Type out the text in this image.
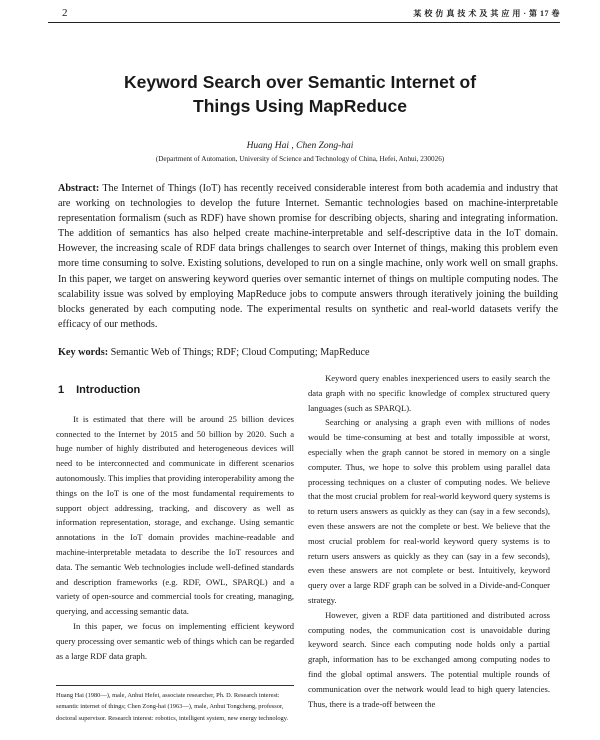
2	某 校 仿 真 技 术 及 其 应 用 · 第 17 卷
Keyword Search over Semantic Internet of
Things Using MapReduce
Huang Hai , Chen Zong-hai
(Department of Automation, University of Science and Technology of China, Hefei, Anhui, 230026)
Abstract: The Internet of Things (IoT) has recently received considerable interest from both academia and industry that are working on technologies to develop the future Internet. Semantic technologies based on machine-interpretable representation formalism (such as RDF) have shown promise for describing objects, sharing and integrating information. The addition of semantics has also helped create machine-interpretable and self-descriptive data in the IoT domain. However, the increasing scale of RDF data brings challenges to search over Internet of things, making this problem even more time consuming to solve. Existing solutions, developed to run on a single machine, only work well on small graphs. In this paper, we target on answering keyword queries over semantic internet of things on multiple computing nodes. The scalability issue was solved by employing MapReduce jobs to compute answers through iteratively joining the building blocks generated by each computing node. The experimental results on synthetic and real-world datasets verify the efficacy of our methods.
Key words: Semantic Web of Things; RDF; Cloud Computing; MapReduce
1 Introduction

It is estimated that there will be around 25 billion devices connected to the Internet by 2015 and 50 billion by 2020. Such a huge number of highly distributed and heterogeneous devices will need to be interconnected and communicate in different scenarios autonomously. This implies that providing interoperability among the things on the IoT is one of the most fundamental requirements to support object addressing, tracking, and discovery as well as information representation, storage, and exchange. Using semantic annotations in the IoT domain provides machine-readable and machine-interpretable metadata to describe the IoT resources and data. The semantic Web technologies include well-defined standards and description frameworks (e.g. RDF, OWL, SPARQL) and a variety of open-source and commercial tools for creating, managing, querying, and accessing semantic data.

In this paper, we focus on implementing efficient keyword query processing over semantic web of things which can be regarded as a large RDF data graph.

Huang Hai (1980—), male, Anhui Hefei, associate researcher, Ph. D. Research interest: semantic internet of things; Chen Zong-hai (1963—), male, Anhui Tongcheng, professor, doctoral supervisor. Research interest: robotics, intelligent system, new energy technology.

Keyword query enables inexperienced users to easily search the data graph with no specific knowledge of complex structured query languages (such as SPARQL).

Searching or analysing a graph even with millions of nodes would be time-consuming at best and totally impossible at worst, especially when the graph cannot be stored in memory on a single computer. Thus, we hope to solve this problem using parallel data processing techniques on a cluster of computing nodes. We believe that the most crucial problem for real-world keyword query systems is to return users answers as quickly as they can (say in a few seconds), even these answers are not the complete or best. We believe that the most crucial problem for real-world keyword query systems is to return users answers as quickly as they can (say in a few seconds), even these answers are not complete or best. Intuitively, keyword query over a large RDF graph can be solved in a Divide-and-Conquer strategy.

However, given a RDF data partitioned and distributed across computing nodes, the communication cost is unavoidable during keyword search. Since each computing node holds only a partial graph, information has to be exchanged among computing nodes to find the global optimal answers. The potential multiple rounds of communication over the network would lead to high query latencies. Thus, there is a trade-off between the
